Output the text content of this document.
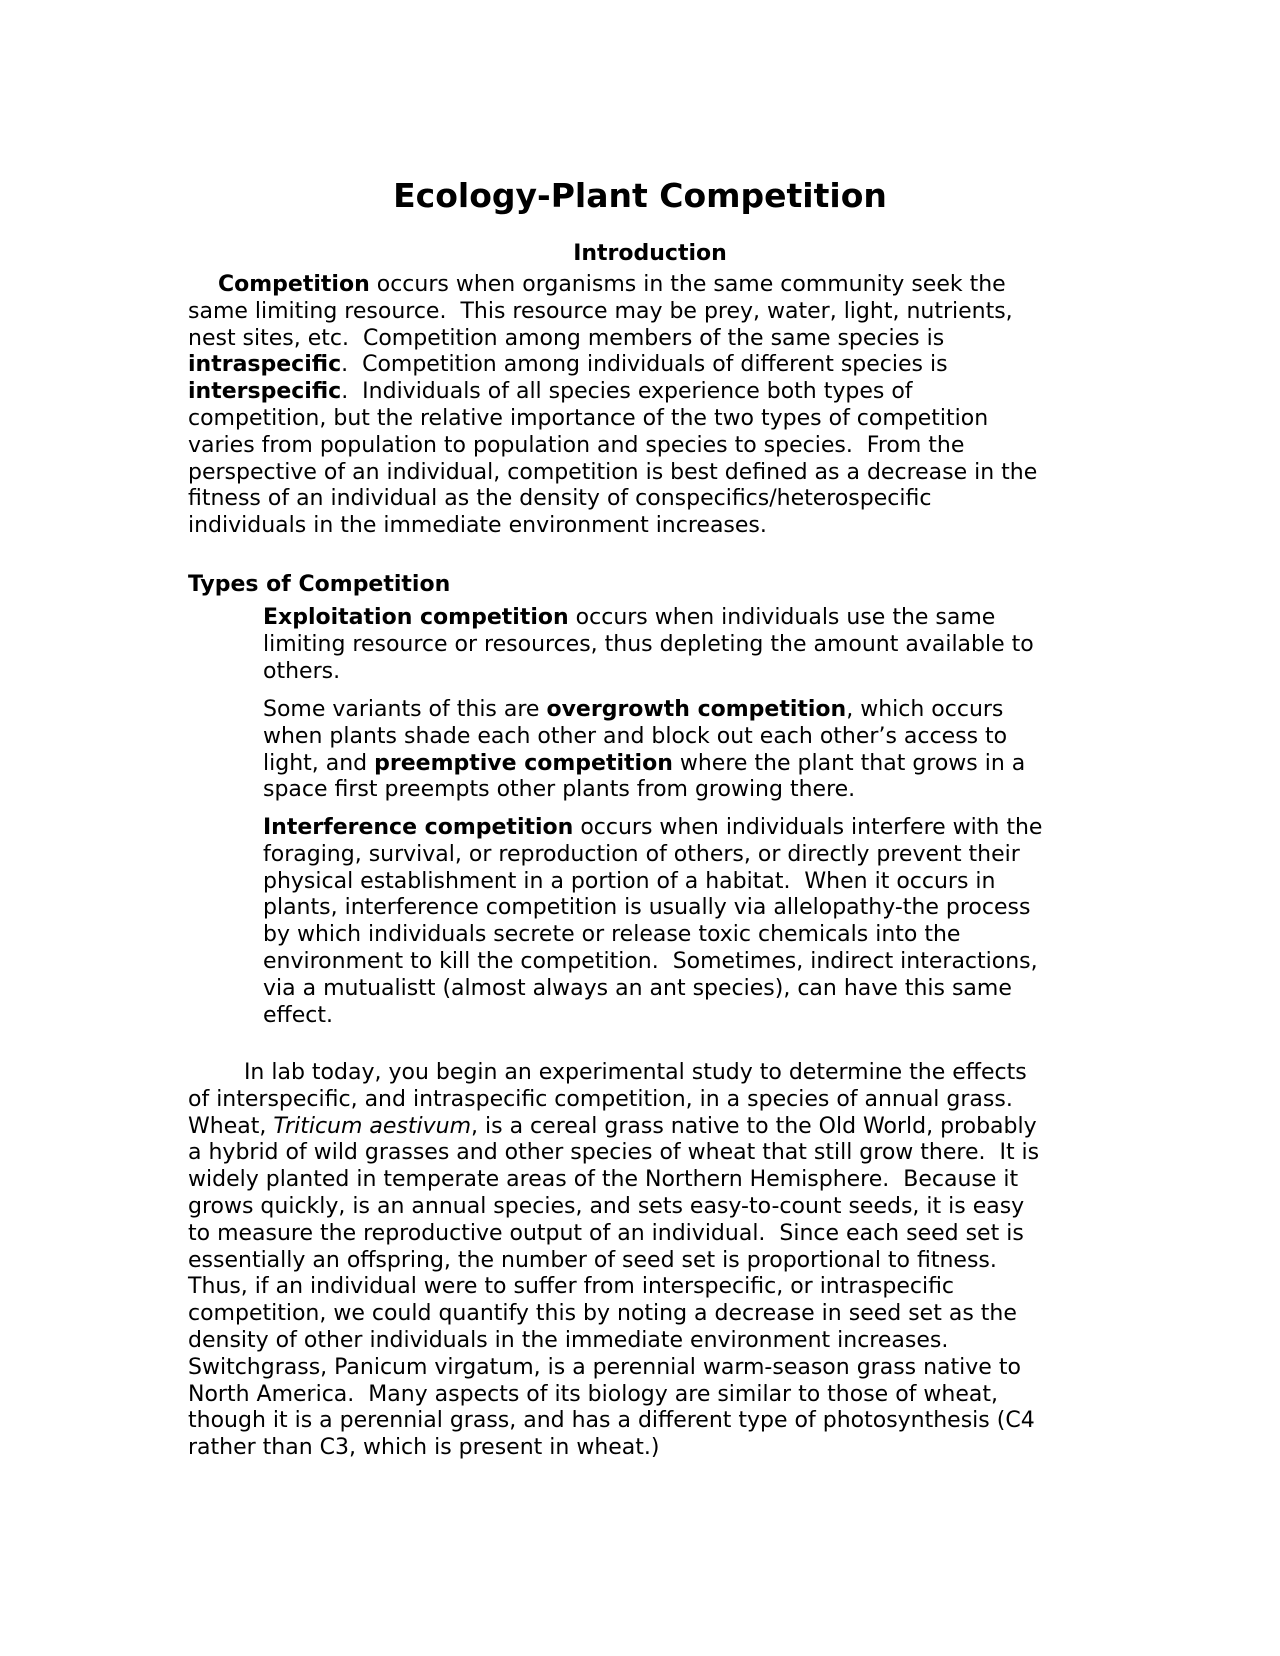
Ecology-Plant Competition
Introduction
Competition occurs when organisms in the same community seek the
same limiting resource.  This resource may be prey, water, light, nutrients,
nest sites, etc.  Competition among members of the same species is
intraspecific.  Competition among individuals of different species is
interspecific.  Individuals of all species experience both types of
competition, but the relative importance of the two types of competition
varies from population to population and species to species.  From the
perspective of an individual, competition is best defined as a decrease in the
fitness of an individual as the density of conspecifics/heterospecific
individuals in the immediate environment increases.
Types of Competition
Exploitation competition occurs when individuals use the same
limiting resource or resources, thus depleting the amount available to
others.
Some variants of this are overgrowth competition, which occurs
when plants shade each other and block out each other’s access to
light, and preemptive competition where the plant that grows in a
space first preempts other plants from growing there.
Interference competition occurs when individuals interfere with the
foraging, survival, or reproduction of others, or directly prevent their
physical establishment in a portion of a habitat.  When it occurs in
plants, interference competition is usually via allelopathy-the process
by which individuals secrete or release toxic chemicals into the
environment to kill the competition.  Sometimes, indirect interactions,
via a mutualistt (almost always an ant species), can have this same
effect.
In lab today, you begin an experimental study to determine the effects
of interspecific, and intraspecific competition, in a species of annual grass.
Wheat, Triticum aestivum, is a cereal grass native to the Old World, probably
a hybrid of wild grasses and other species of wheat that still grow there.  It is
widely planted in temperate areas of the Northern Hemisphere.  Because it
grows quickly, is an annual species, and sets easy-to-count seeds, it is easy
to measure the reproductive output of an individual.  Since each seed set is
essentially an offspring, the number of seed set is proportional to fitness.
Thus, if an individual were to suffer from interspecific, or intraspecific
competition, we could quantify this by noting a decrease in seed set as the
density of other individuals in the immediate environment increases.
Switchgrass, Panicum virgatum, is a perennial warm-season grass native to
North America.  Many aspects of its biology are similar to those of wheat,
though it is a perennial grass, and has a different type of photosynthesis (C4
rather than C3, which is present in wheat.)
